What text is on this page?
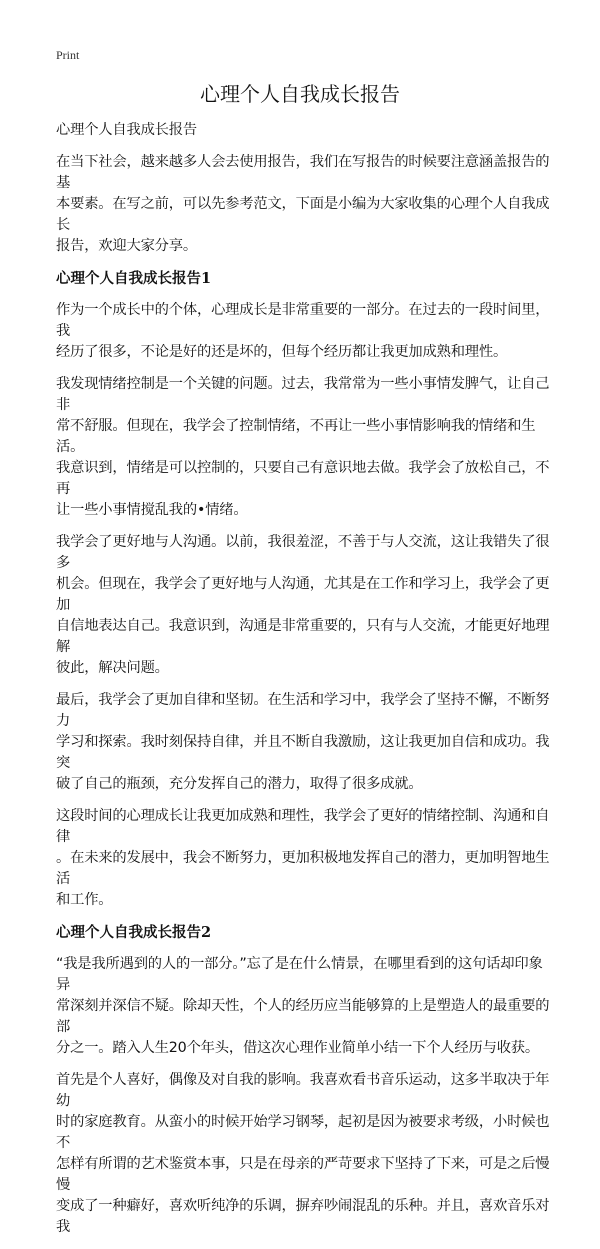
Print
心理个人自我成长报告

心理个人自我成长报告

在当下社会，越来越多人会去使用报告，我们在写报告的时候要注意涵盖报告的基
本要素。在写之前，可以先参考范文，下面是小编为大家收集的心理个人自我成长
报告，欢迎大家分享。

心理个人自我成长报告1

作为一个成长中的个体，心理成长是非常重要的一部分。在过去的一段时间里，我
经历了很多，不论是好的还是坏的，但每个经历都让我更加成熟和理性。

我发现情绪控制是一个关键的问题。过去，我常常为一些小事情发脾气，让自己非
常不舒服。但现在，我学会了控制情绪，不再让一些小事情影响我的情绪和生活。
我意识到，情绪是可以控制的，只要自己有意识地去做。我学会了放松自己，不再
让一些小事情搅乱我的•情绪。

我学会了更好地与人沟通。以前，我很羞涩，不善于与人交流，这让我错失了很多
机会。但现在，我学会了更好地与人沟通，尤其是在工作和学习上，我学会了更加
自信地表达自己。我意识到，沟通是非常重要的，只有与人交流，才能更好地理解
彼此，解决问题。

最后，我学会了更加自律和坚韧。在生活和学习中，我学会了坚持不懈，不断努力
学习和探索。我时刻保持自律，并且不断自我激励，这让我更加自信和成功。我突
破了自己的瓶颈，充分发挥自己的潜力，取得了很多成就。

这段时间的心理成长让我更加成熟和理性，我学会了更好的情绪控制、沟通和自律
。在未来的发展中，我会不断努力，更加积极地发挥自己的潜力，更加明智地生活
和工作。

心理个人自我成长报告2

“我是我所遇到的人的一部分。”忘了是在什么情景，在哪里看到的这句话却印象异
常深刻并深信不疑。除却天性，个人的经历应当能够算的上是塑造人的最重要的部
分之一。踏入人生20个年头，借这次心理作业简单小结一下个人经历与收获。

首先是个人喜好，偶像及对自我的影响。我喜欢看书音乐运动，这多半取决于年幼
时的家庭教育。从蛮小的时候开始学习钢琴，起初是因为被要求考级，小时候也不
怎样有所谓的艺术鉴赏本事，只是在母亲的严苛要求下坚持了下来，可是之后慢慢
变成了一种癖好，喜欢听纯净的乐调，摒弃吵闹混乱的乐种。并且，喜欢音乐对我
